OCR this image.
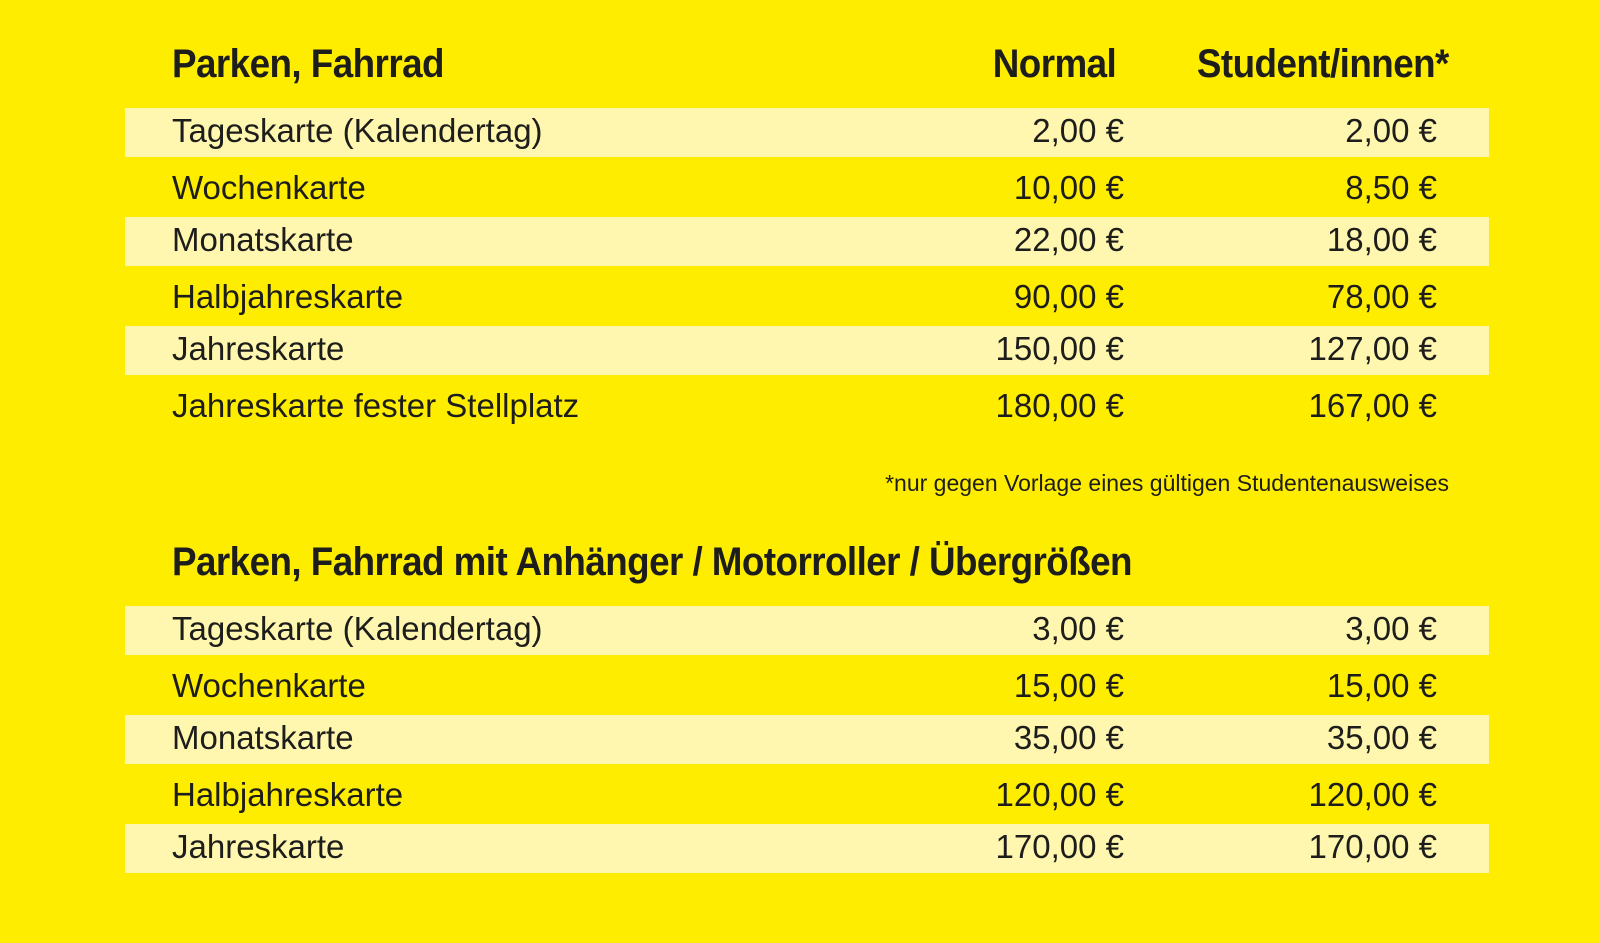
Parken, Fahrrad	Normal Student/innen*
Tageskarte (Kalendertag)	2,00 €	2,00 €
Wochenkarte	10,00 €	8,50 €
Monatskarte	22,00 €	18,00 €
Halbjahreskarte	90,00 €	78,00 €
Jahreskarte	150,00 €	127,00 €
Jahreskarte fester Stellplatz	180,00 €	167,00 €
*nur gegen Vorlage eines gültigen Studentenausweises
Parken, Fahrrad mit Anhänger / Motorroller / Übergrößen
Tageskarte (Kalendertag)	3,00 €	3,00 €
Wochenkarte	15,00 €	15,00 €
Monatskarte	35,00 €	35,00 €
Halbjahreskarte	120,00 €	120,00 €
Jahreskarte	170,00 €	170,00 €
